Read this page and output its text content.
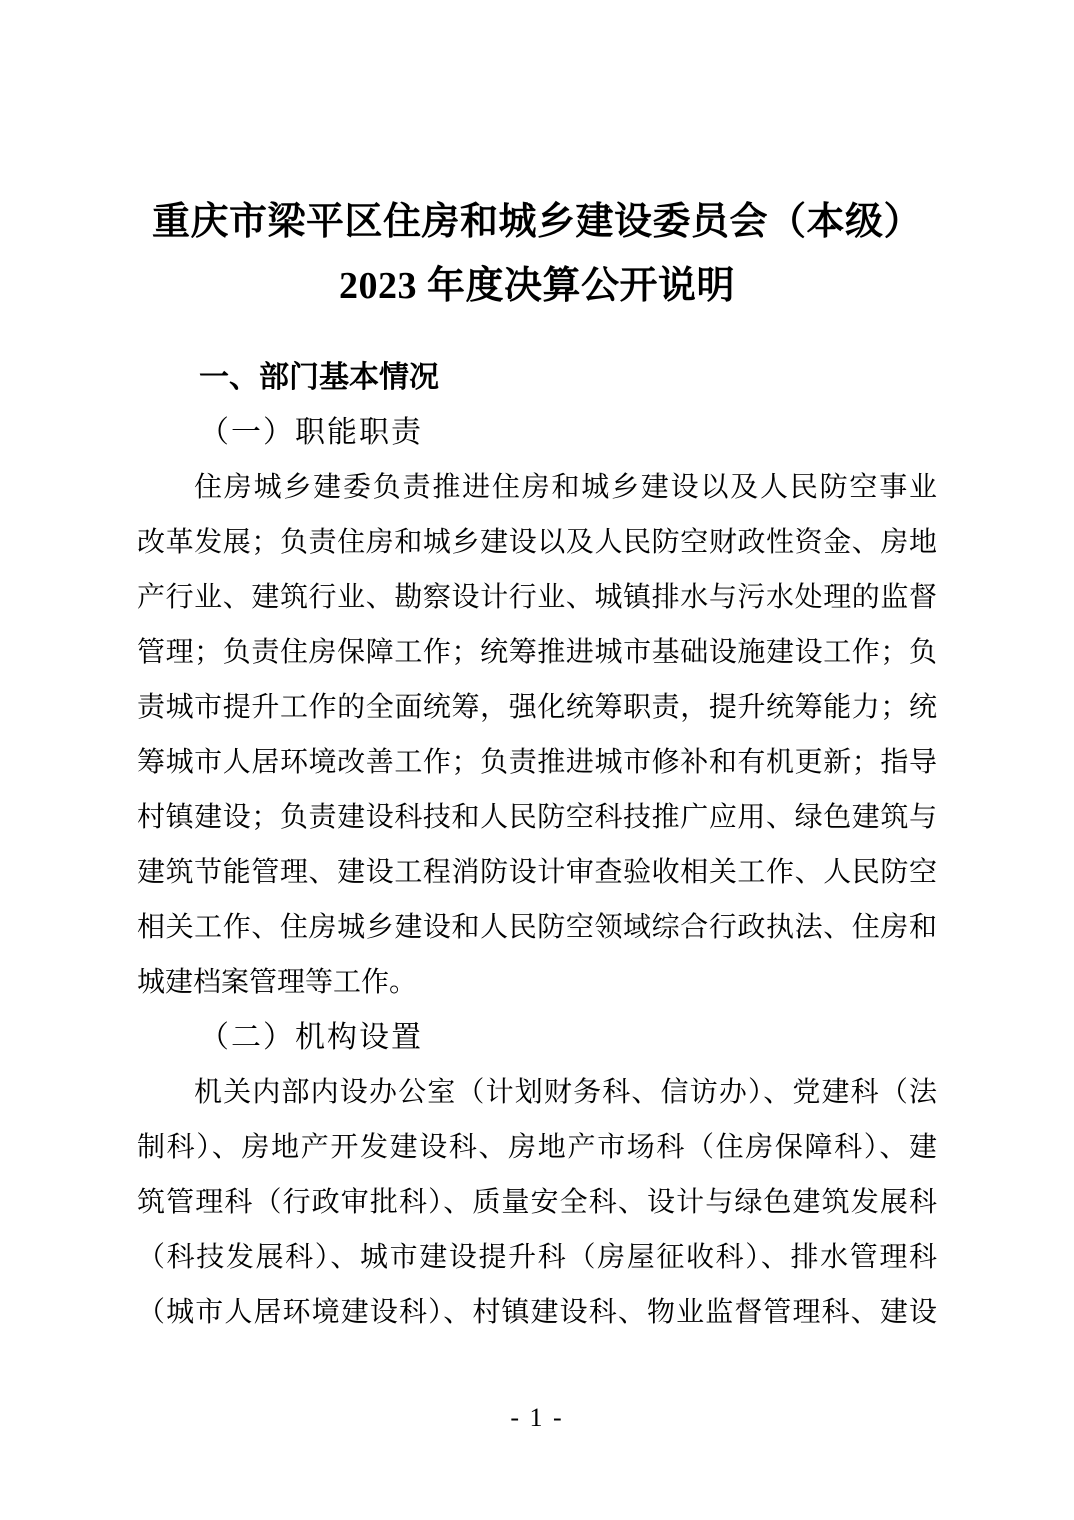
重庆市梁平区住房和城乡建设委员会（本级）
2023 年度决算公开说明
一、部门基本情况
（一）职能职责
住房城乡建委负责推进住房和城乡建设以及人民防空事业
改革发展；负责住房和城乡建设以及人民防空财政性资金、房地
产行业、建筑行业、勘察设计行业、城镇排水与污水处理的监督
管理；负责住房保障工作；统筹推进城市基础设施建设工作；负
责城市提升工作的全面统筹，强化统筹职责，提升统筹能力；统
筹城市人居环境改善工作；负责推进城市修补和有机更新；指导
村镇建设；负责建设科技和人民防空科技推广应用、绿色建筑与
建筑节能管理、建设工程消防设计审查验收相关工作、人民防空
相关工作、住房城乡建设和人民防空领域综合行政执法、住房和
城建档案管理等工作。
（二）机构设置
机关内部内设办公室（计划财务科、信访办）、党建科（法
制科）、房地产开发建设科、房地产市场科（住房保障科）、建
筑管理科（行政审批科）、质量安全科、设计与绿色建筑发展科
（科技发展科）、城市建设提升科（房屋征收科）、排水管理科
（城市人居环境建设科）、村镇建设科、物业监督管理科、建设
- 1 -
